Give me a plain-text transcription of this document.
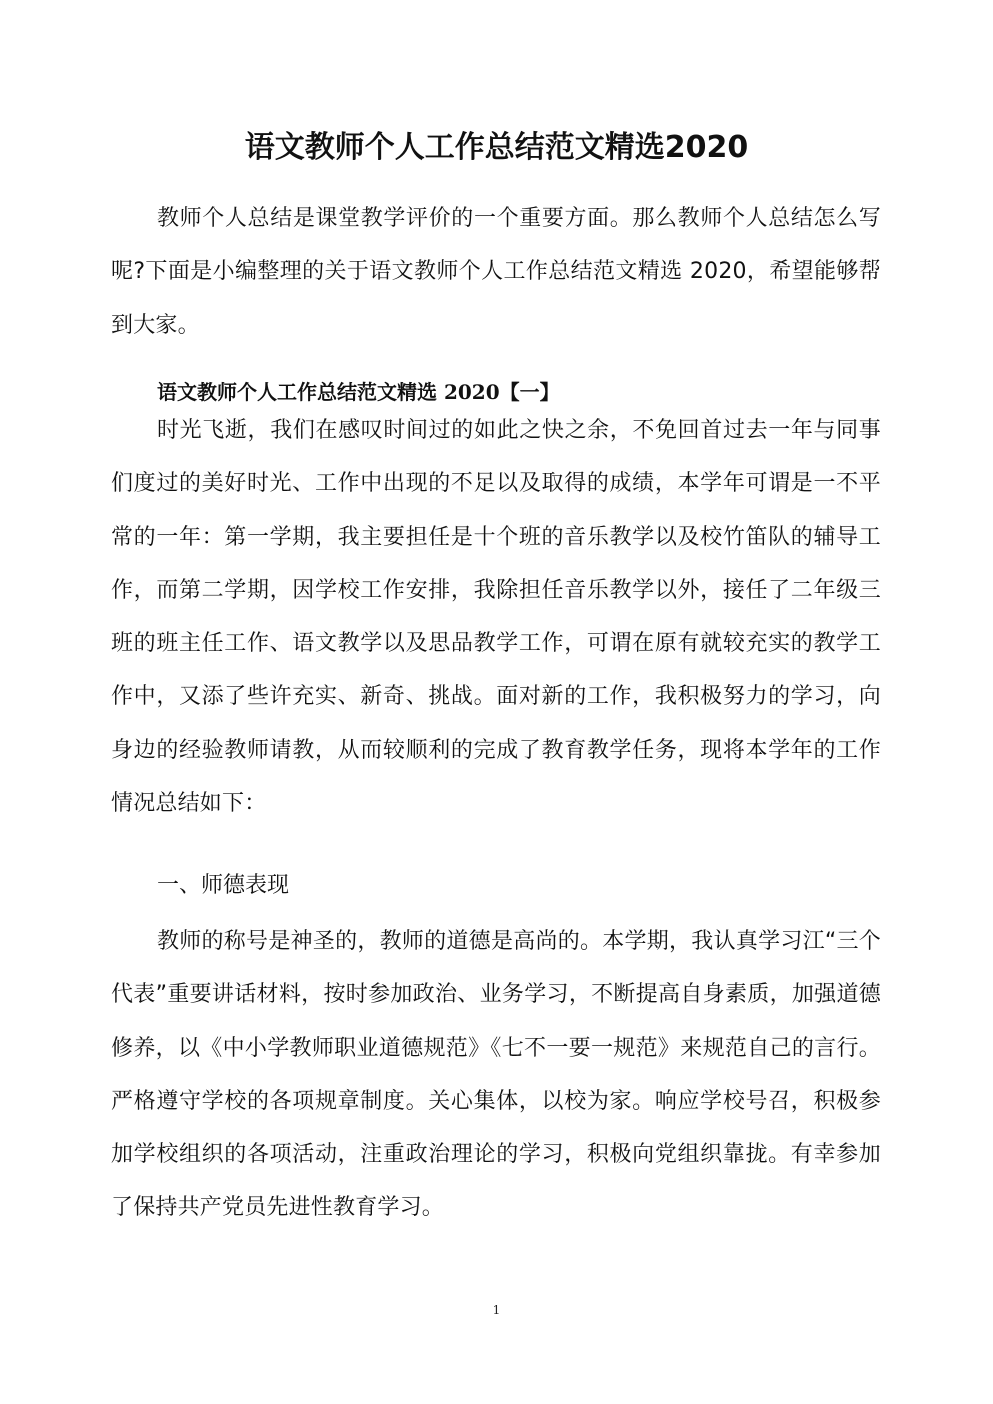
语文教师个人工作总结范文精选2020

教师个人总结是课堂教学评价的一个重要方面。那么教师个人总结怎么写呢?下面是小编整理的关于语文教师个人工作总结范文精选 2020，希望能够帮到大家。

语文教师个人工作总结范文精选 2020【一】

时光飞逝，我们在感叹时间过的如此之快之余，不免回首过去一年与同事们度过的美好时光、工作中出现的不足以及取得的成绩，本学年可谓是一不平常的一年：第一学期，我主要担任是十个班的音乐教学以及校竹笛队的辅导工作，而第二学期，因学校工作安排，我除担任音乐教学以外，接任了二年级三班的班主任工作、语文教学以及思品教学工作，可谓在原有就较充实的教学工作中，又添了些许充实、新奇、挑战。面对新的工作，我积极努力的学习，向身边的经验教师请教，从而较顺利的完成了教育教学任务，现将本学年的工作情况总结如下：

一、师德表现

教师的称号是神圣的，教师的道德是高尚的。本学期，我认真学习江“三个代表”重要讲话材料，按时参加政治、业务学习，不断提高自身素质，加强道德修养，以《中小学教师职业道德规范》《七不一要一规范》来规范自己的言行。严格遵守学校的各项规章制度。关心集体，以校为家。响应学校号召，积极参加学校组织的各项活动，注重政治理论的学习，积极向党组织靠拢。有幸参加了保持共产党员先进性教育学习。

1
